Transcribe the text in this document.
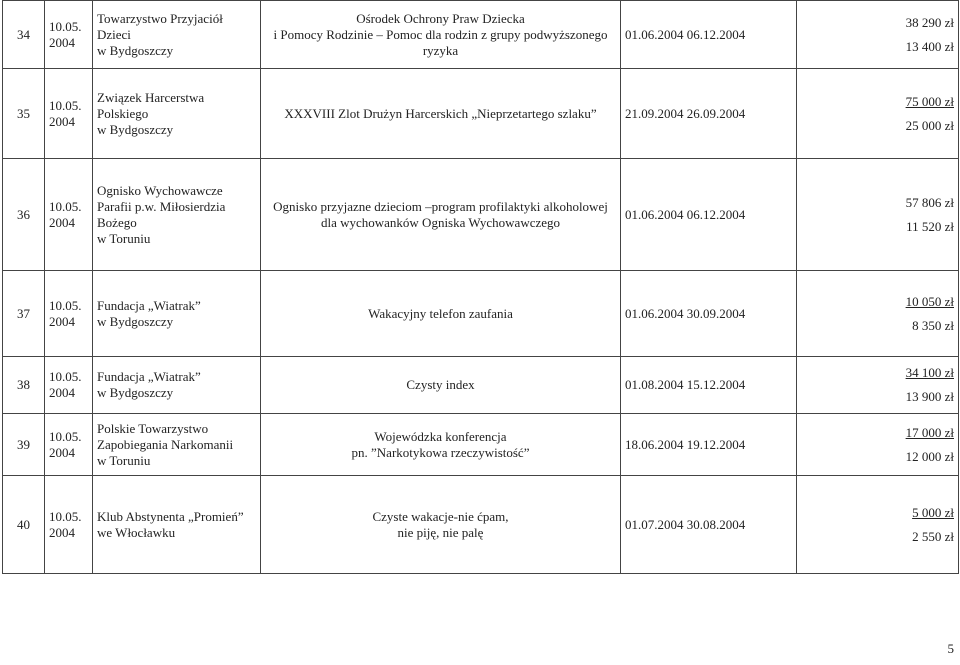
34	10.05.
2004	Towarzystwo Przyjaciół
Dzieci
w Bydgoszczy	Ośrodek Ochrony Praw Dziecka
i Pomocy Rodzinie – Pomoc dla rodzin z grupy podwyższonego
ryzyka	01.06.2004 06.12.2004	38 290 zł
13 400 zł

35	10.05.
2004	Związek Harcerstwa
Polskiego
w Bydgoszczy	XXXVIII Zlot Drużyn Harcerskich „Nieprzetartego szlaku”	21.09.2004 26.09.2004	75 000 zł
25 000 zł

36	10.05.
2004	Ognisko Wychowawcze
Parafii p.w. Miłosierdzia
Bożego
w Toruniu	Ognisko przyjazne dzieciom –program profilaktyki alkoholowej
dla wychowanków Ogniska Wychowawczego	01.06.2004 06.12.2004	57 806 zł
11 520 zł

37	10.05.
2004	Fundacja „Wiatrak”
w Bydgoszczy	Wakacyjny telefon zaufania	01.06.2004 30.09.2004	10 050 zł
8 350 zł

38	10.05.
2004	Fundacja „Wiatrak”
w Bydgoszczy	Czysty index	01.08.2004 15.12.2004	34 100 zł
13 900 zł

39	10.05.
2004	Polskie Towarzystwo
Zapobiegania Narkomanii
w Toruniu	Wojewódzka konferencja
pn. ”Narkotykowa rzeczywistość”	18.06.2004 19.12.2004	17 000 zł
12 000 zł

40	10.05.
2004	Klub Abstynenta „Promień”
we Włocławku	Czyste wakacje-nie ćpam,
nie piję, nie palę	01.07.2004 30.08.2004	5 000 zł
2 550 zł
5
